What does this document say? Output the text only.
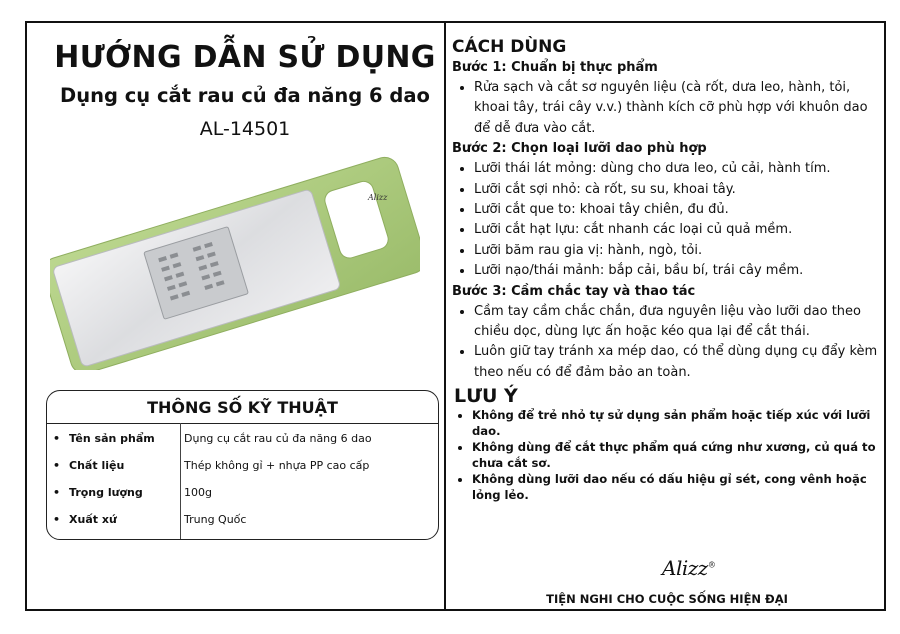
HƯỚNG DẪN SỬ DỤNG
Dụng cụ cắt rau củ đa năng 6 dao
AL-14501
Alizz
THÔNG SỐ KỸ THUẬT
• Tên sản phẩm	Dụng cụ cắt rau củ đa năng 6 dao
• Chất liệu	Thép không gỉ + nhựa PP cao cấp
• Trọng lượng	100g
• Xuất xứ	Trung Quốc

CÁCH DÙNG

Bước 1: Chuẩn bị thực phẩm

• Rửa sạch và cắt sơ nguyên liệu (cà rốt, dưa leo, hành, tỏi, khoai tây, trái cây v.v.) thành kích cỡ phù hợp với khuôn dao để dễ đưa vào cắt.

Bước 2: Chọn loại lưỡi dao phù hợp

• Lưỡi thái lát mỏng: dùng cho dưa leo, củ cải, hành tím.
• Lưỡi cắt sợi nhỏ: cà rốt, su su, khoai tây.
• Lưỡi cắt que to: khoai tây chiên, đu đủ.
• Lưỡi cắt hạt lựu: cắt nhanh các loại củ quả mềm.
• Lưỡi băm rau gia vị: hành, ngò, tỏi.
• Lưỡi nạo/thái mảnh: bắp cải, bầu bí, trái cây mềm.

Bước 3: Cầm chắc tay và thao tác

• Cầm tay cầm chắc chắn, đưa nguyên liệu vào lưỡi dao theo chiều dọc, dùng lực ấn hoặc kéo qua lại để cắt thái.
• Luôn giữ tay tránh xa mép dao, có thể dùng dụng cụ đẩy kèm theo nếu có để đảm bảo an toàn.

LƯU Ý

• Không để trẻ nhỏ tự sử dụng sản phẩm hoặc tiếp xúc với lưỡi dao.
• Không dùng để cắt thực phẩm quá cứng như xương, củ quá to chưa cắt sơ.
• Không dùng lưỡi dao nếu có dấu hiệu gỉ sét, cong vênh hoặc lỏng lẻo.
Alizz®
TIỆN NGHI CHO CUỘC SỐNG HIỆN ĐẠI
